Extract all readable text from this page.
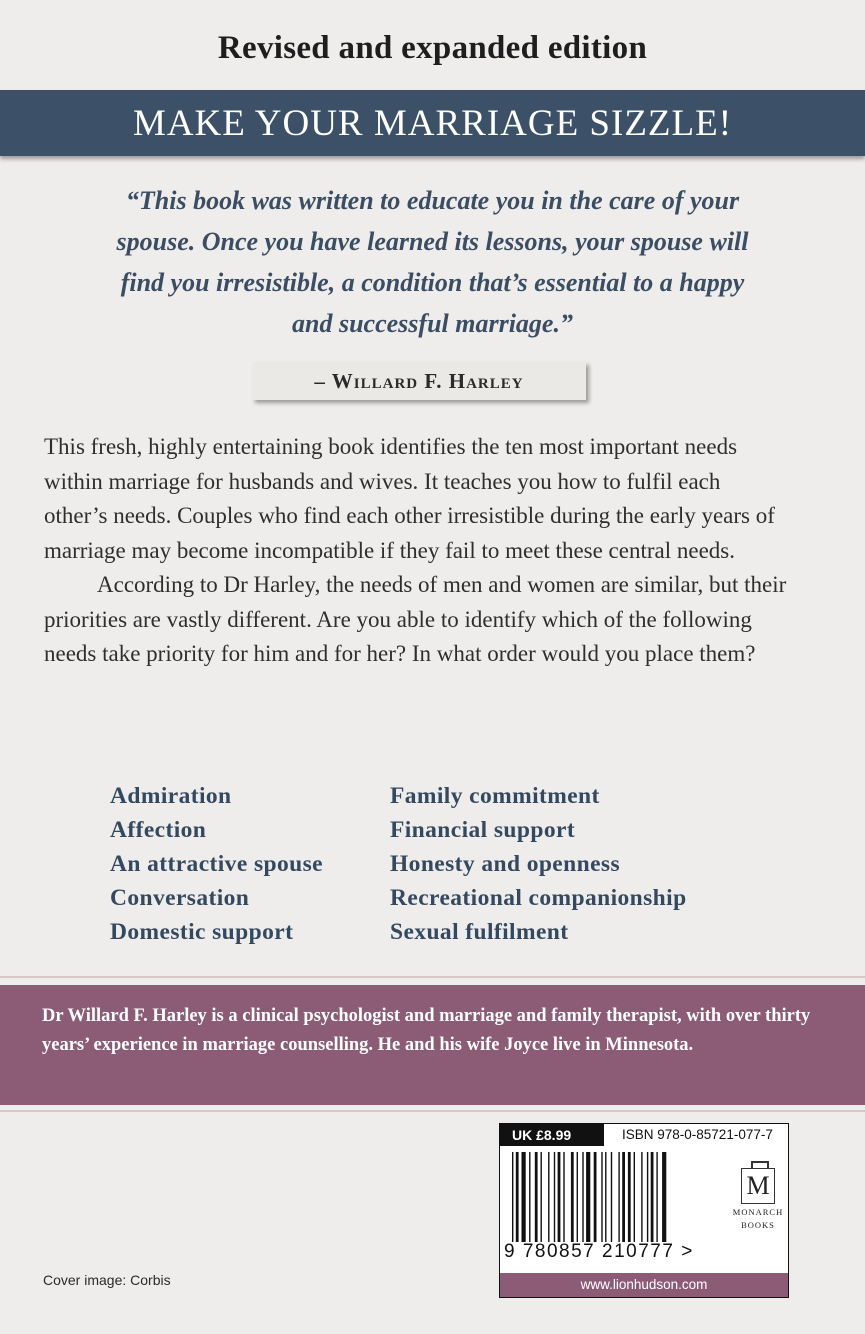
Revised and expanded edition
MAKE YOUR MARRIAGE SIZZLE!
“This book was written to educate you in the care of your
spouse. Once you have learned its lessons, your spouse will
find you irresistible, a condition that’s essential to a happy
and successful marriage.”
– Willard F. Harley

This fresh, highly entertaining book identifies the ten most important needs within marriage for husbands and wives. It teaches you how to fulfil each other’s needs. Couples who find each other irresistible during the early years of marriage may become incompatible if they fail to meet these central needs.

According to Dr Harley, the needs of men and women are similar, but their priorities are vastly different. Are you able to identify which of the following needs take priority for him and for her? In what order would you place them?

Admiration
Affection
An attractive spouse
Conversation
Domestic support
Family commitment
Financial support
Honesty and openness
Recreational companionship
Sexual fulfilment

Dr Willard F. Harley is a clinical psychologist and marriage and family therapist, with over thirty years’ experience in marriage counselling. He and his wife Joyce live in Minnesota.

Cover image: Corbis
UK £8.99	ISBN 978-0-85721-077-7
9 780857 210777 >
M
MONARCH
BOOKS
www.lionhudson.com
